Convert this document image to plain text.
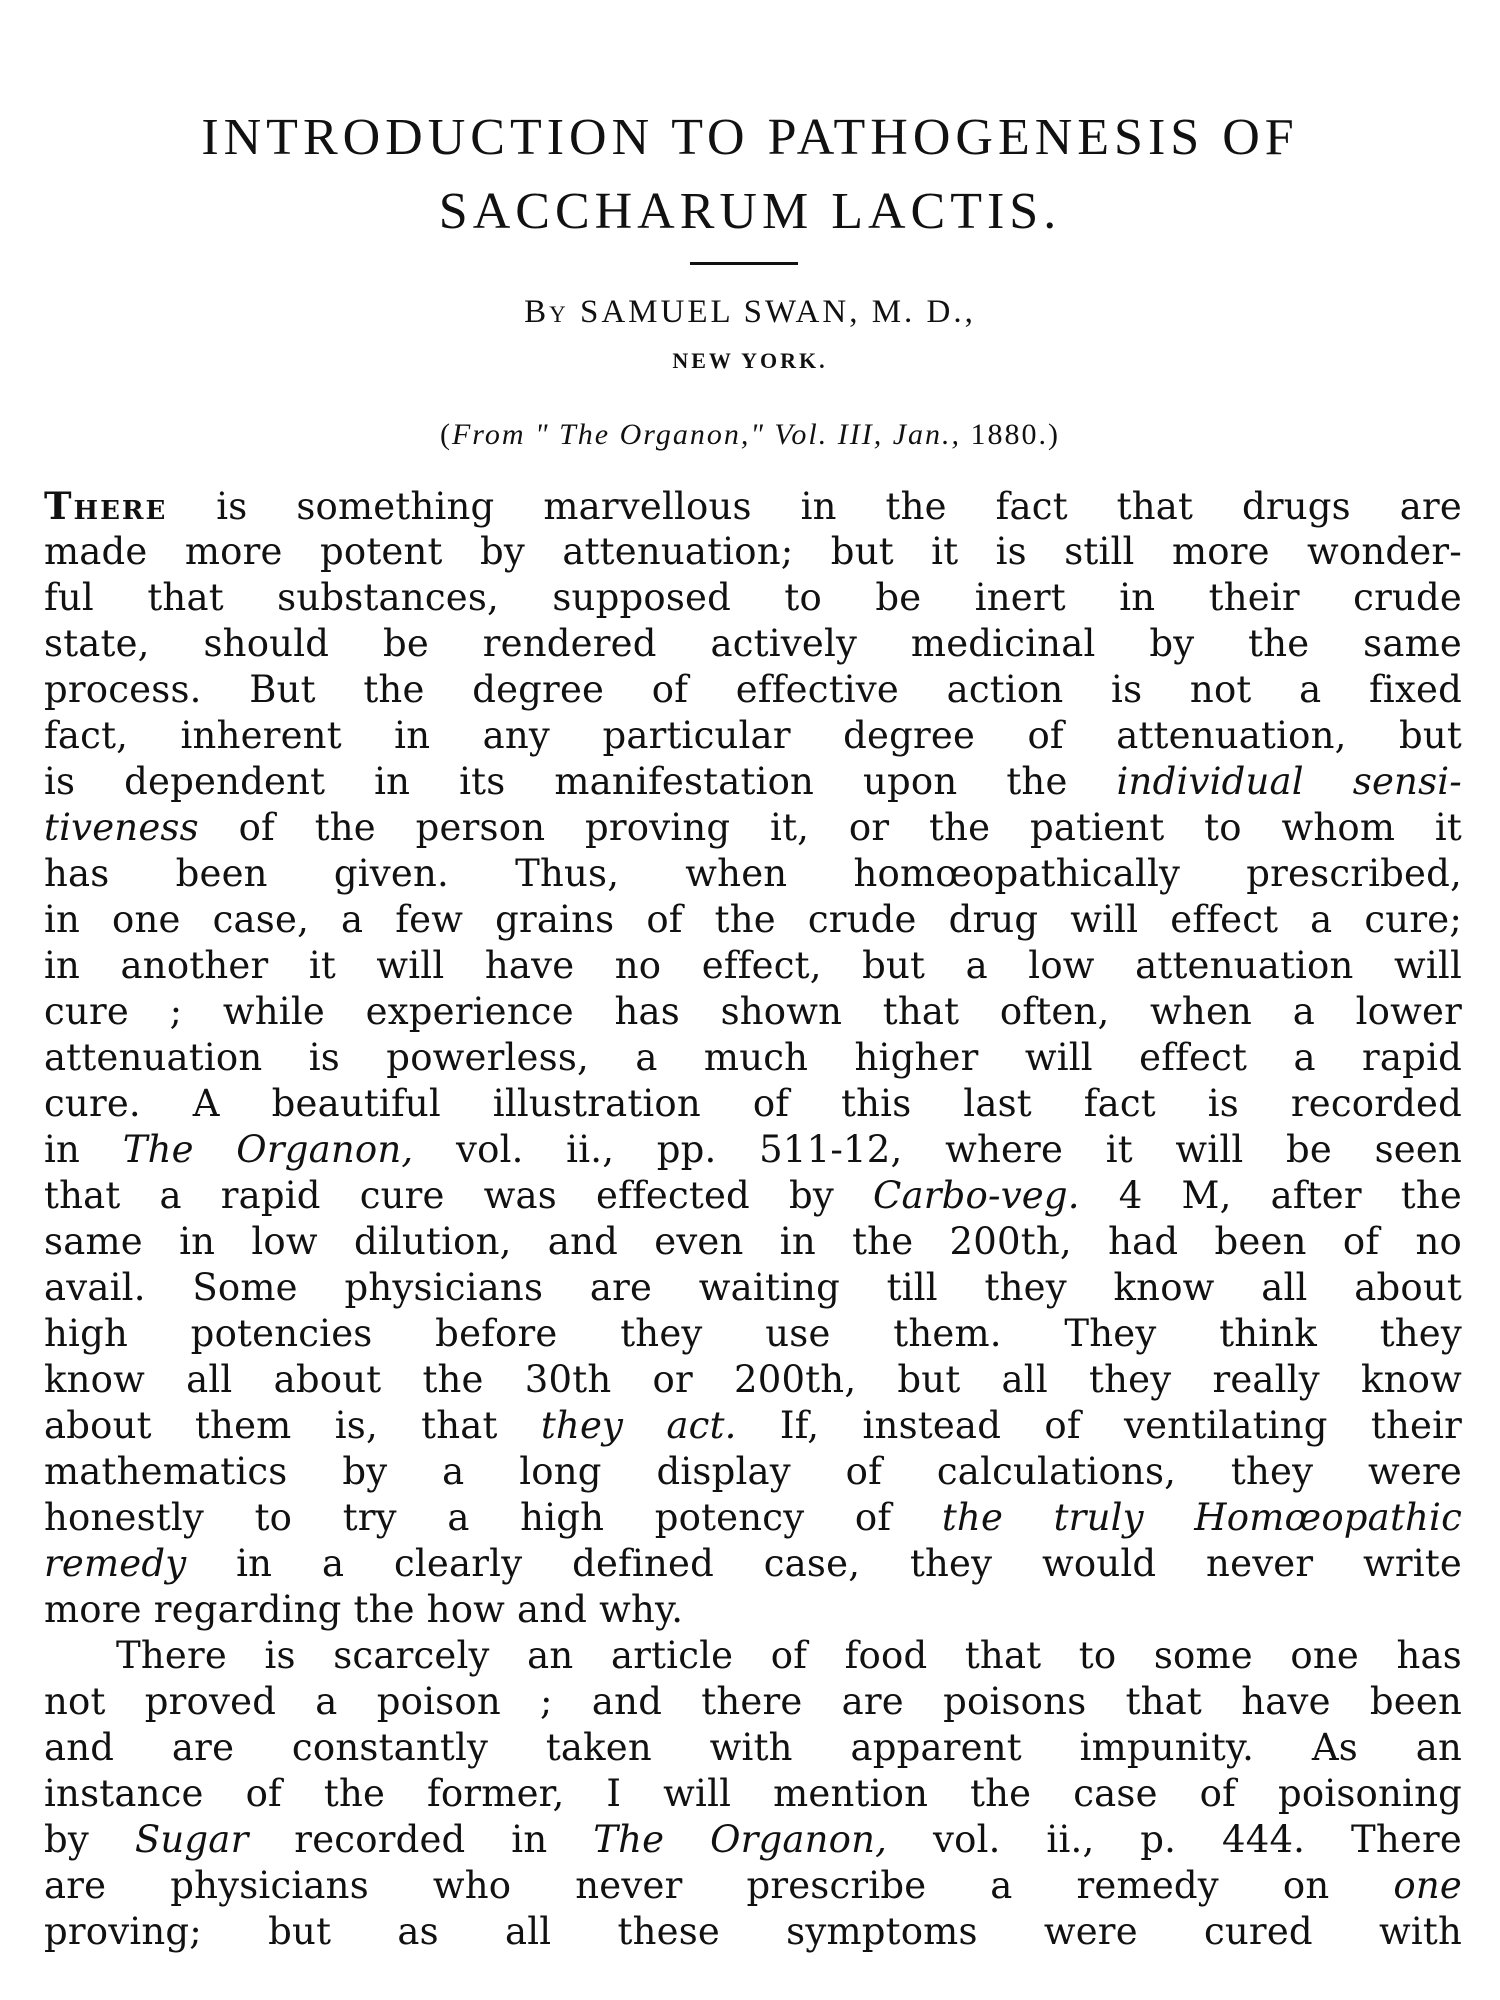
INTRODUCTION TO PATHOGENESIS OF
SACCHARUM LACTIS.
By SAMUEL SWAN, M. D.,
NEW YORK.
(From " The Organon," Vol. III, Jan., 1880.)
There is something marvellous in the fact that drugs are
made more potent by attenuation; but it is still more wonder-
ful that substances, supposed to be inert in their crude
state, should be rendered actively medicinal by the same
process. But the degree of effective action is not a fixed
fact, inherent in any particular degree of attenuation, but
is dependent in its manifestation upon the individual sensi-
tiveness of the person proving it, or the patient to whom it
has been given. Thus, when homœopathically prescribed,
in one case, a few grains of the crude drug will effect a cure;
in another it will have no effect, but a low attenuation will
cure ; while experience has shown that often, when a lower
attenuation is powerless, a much higher will effect a rapid
cure. A beautiful illustration of this last fact is recorded
in The Organon, vol. ii., pp. 511-12, where it will be seen
that a rapid cure was effected by Carbo-veg. 4 M, after the
same in low dilution, and even in the 200th, had been of no
avail. Some physicians are waiting till they know all about
high potencies before they use them. They think they
know all about the 30th or 200th, but all they really know
about them is, that they act. If, instead of ventilating their
mathematics by a long display of calculations, they were
honestly to try a high potency of the truly Homœopathic
remedy in a clearly defined case, they would never write
more regarding the how and why.
There is scarcely an article of food that to some one has
not proved a poison ; and there are poisons that have been
and are constantly taken with apparent impunity. As an
instance of the former, I will mention the case of poisoning
by Sugar recorded in The Organon, vol. ii., p. 444. There
are physicians who never prescribe a remedy on one
proving; but as all these symptoms were cured with
